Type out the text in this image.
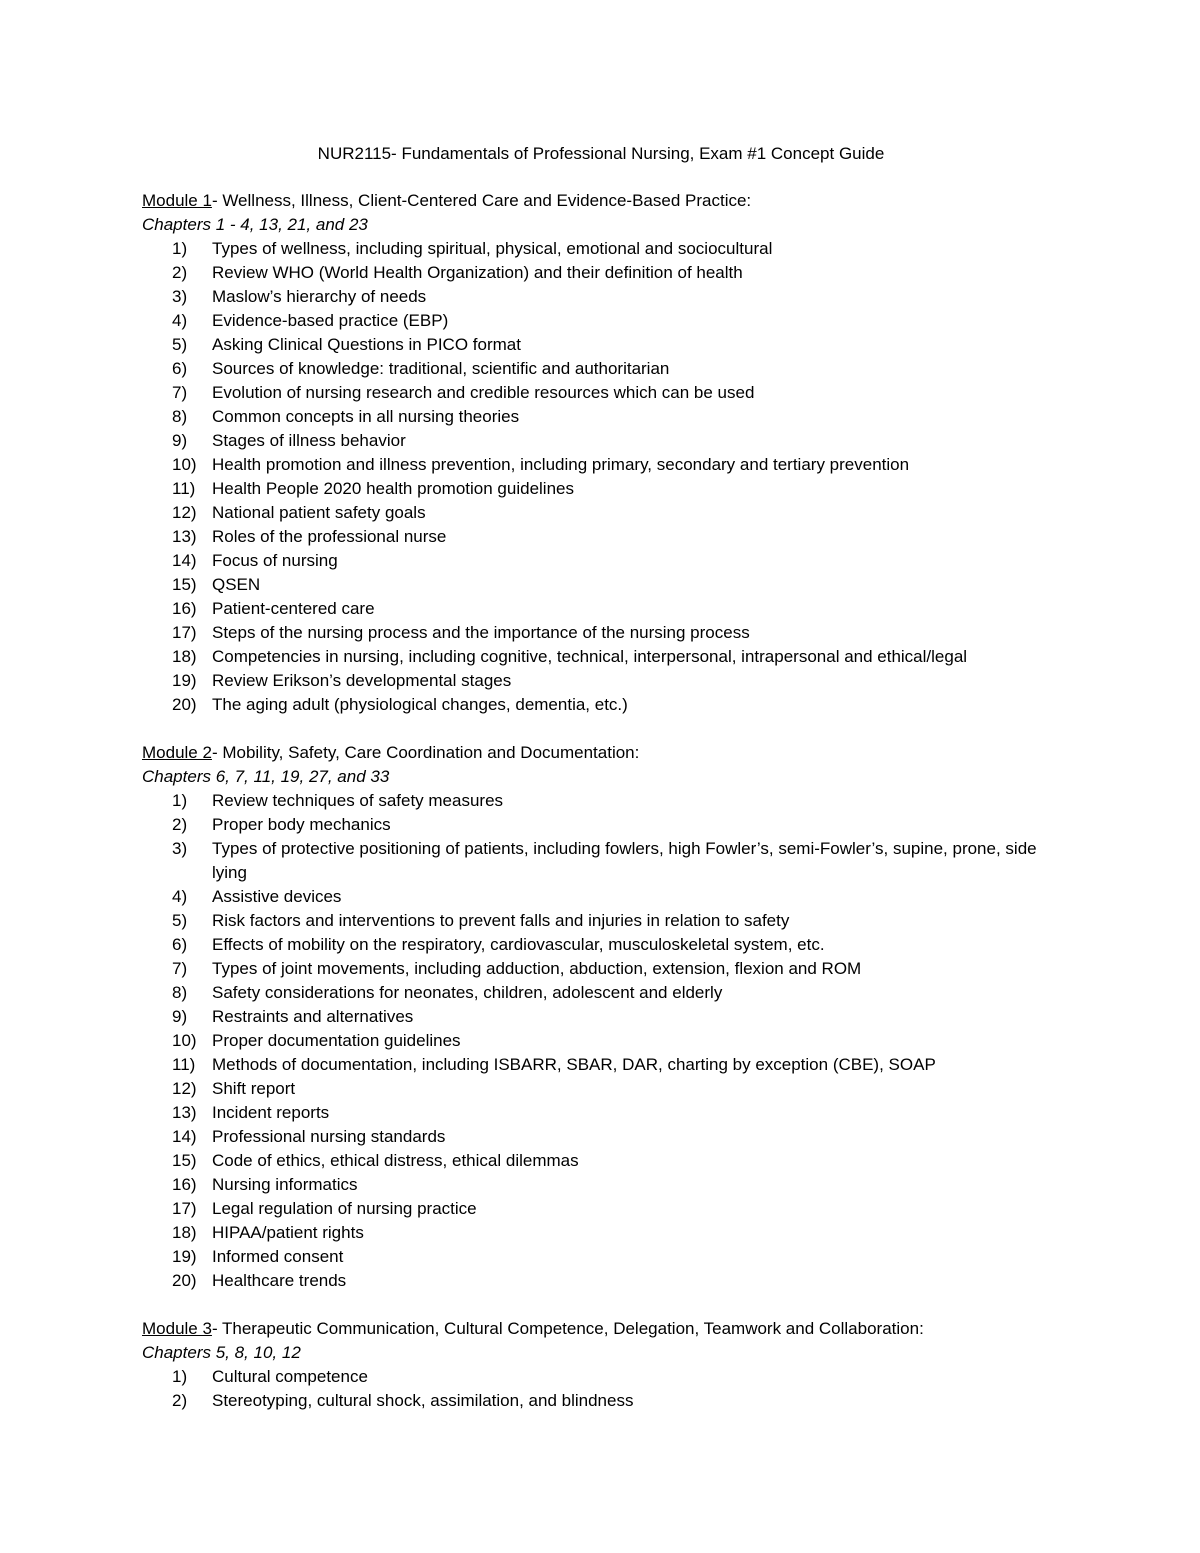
NUR2115- Fundamentals of Professional Nursing, Exam #1 Concept Guide

Module 1- Wellness, Illness, Client-Centered Care and Evidence-Based Practice:

Chapters 1 - 4, 13, 21, and 23

1)	Types of wellness, including spiritual, physical, emotional and sociocultural
2)	Review WHO (World Health Organization) and their definition of health
3)	Maslow’s hierarchy of needs
4)	Evidence-based practice (EBP)
5)	Asking Clinical Questions in PICO format
6)	Sources of knowledge: traditional, scientific and authoritarian
7)	Evolution of nursing research and credible resources which can be used
8)	Common concepts in all nursing theories
9)	Stages of illness behavior
10) Health promotion and illness prevention, including primary, secondary and tertiary prevention
11) Health People 2020 health promotion guidelines
12) National patient safety goals
13) Roles of the professional nurse
14) Focus of nursing
15) QSEN
16) Patient-centered care
17) Steps of the nursing process and the importance of the nursing process
18) Competencies in nursing, including cognitive, technical, interpersonal, intrapersonal and ethical/legal
19) Review Erikson’s developmental stages
20) The aging adult (physiological changes, dementia, etc.)

Module 2- Mobility, Safety, Care Coordination and Documentation:

Chapters 6, 7, 11, 19, 27, and 33

1)	Review techniques of safety measures
2)	Proper body mechanics
3)	Types of protective positioning of patients, including fowlers, high Fowler’s, semi-Fowler’s, supine, prone, side lying
4)	Assistive devices
5)	Risk factors and interventions to prevent falls and injuries in relation to safety
6)	Effects of mobility on the respiratory, cardiovascular, musculoskeletal system, etc.
7)	Types of joint movements, including adduction, abduction, extension, flexion and ROM
8)	Safety considerations for neonates, children, adolescent and elderly
9)	Restraints and alternatives
10) Proper documentation guidelines
11) Methods of documentation, including ISBARR, SBAR, DAR, charting by exception (CBE), SOAP
12) Shift report
13) Incident reports
14) Professional nursing standards
15) Code of ethics, ethical distress, ethical dilemmas
16) Nursing informatics
17) Legal regulation of nursing practice
18) HIPAA/patient rights
19) Informed consent
20) Healthcare trends

Module 3- Therapeutic Communication, Cultural Competence, Delegation, Teamwork and Collaboration:

Chapters 5, 8, 10, 12

1)	Cultural competence
2)	Stereotyping, cultural shock, assimilation, and blindness
